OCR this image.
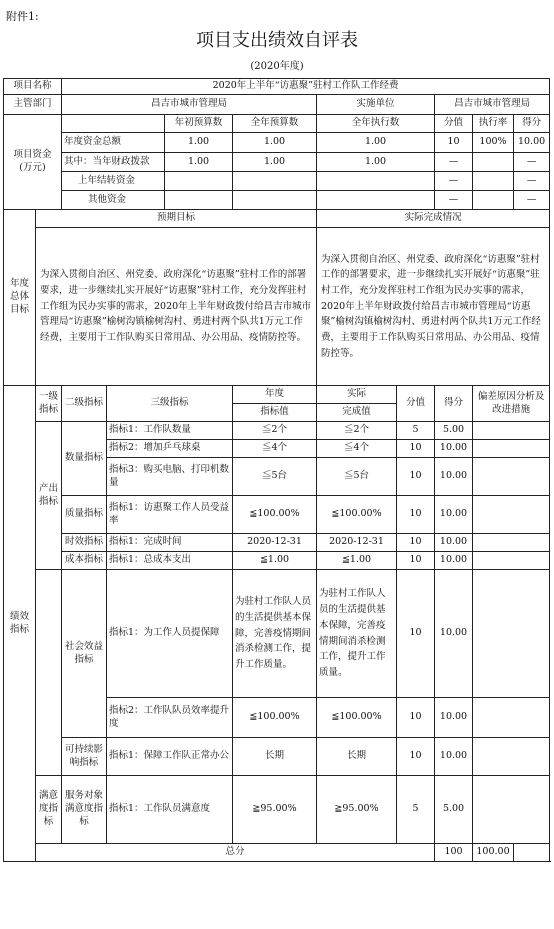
附件1:
项目支出绩效自评表
(2020年度)
项目名称		2020年上半年“访惠聚”驻村工作队工作经费								
主管部门		昌吉市城市管理局				实施单位		昌吉市城市管理局		
项目资金
(万元)				年初预算数	全年预算数	全年执行数		分值	执行率	得分
		年度资金总额		1.00	1.00	1.00		10	100%	10.00
		其中：当年财政拨款		1.00	1.00	1.00		—		—
		上年结转资金						—		—
		其他资金						—		—
年度总体目标	预期目标					实际完成情况				
	为深入贯彻自治区、州党委、政府深化“访惠聚”驻村工作的部署要求，进一步继续扎实开展好“访惠聚”驻村工作，充分发挥驻村工作组为民办实事的需求，2020年上半年财政拨付给昌吉市城市管理局“访惠聚”榆树沟镇榆树沟村、勇进村两个队共1万元工作经费，主要用于工作队购买日常用品、办公用品、疫情防控等。					为深入贯彻自治区、州党委、政府深化“访惠聚”驻村工作的部署要求，进一步继续扎实开展好“访惠聚”驻村工作，充分发挥驻村工作组为民办实事的需求，2020年上半年财政拨付给昌吉市城市管理局“访惠聚”榆树沟镇榆树沟村、勇进村两个队共1万元工作经费，主要用于工作队购买日常用品、办公用品、疫情防控等。				
绩效指标	一级指标	二级指标	三级指标		年度	实际	分值	得分	偏差原因分析及改进措施	
					指标值	完成值				
	产出指标	数量指标	指标1：工作队数量		≦2个	≦2个	5	5.00		
			指标2：增加乒乓球桌		≦4个	≦4个	10	10.00		
			指标3：购买电脑、打印机数量		≦5台	≦5台	10	10.00		
		质量指标	指标1：访惠聚工作人员受益率		≦100.00%	≦100.00%	10	10.00		
		时效指标	指标1：完成时间		2020-12-31	2020-12-31	10	10.00		
		成本指标	指标1：总成本支出		≦1.00	≦1.00	10	10.00		
		社会效益指标	指标1：为工作人员提保障		为驻村工作队人员的生活提供基本保障，完善疫情期间消杀检测工作，提升工作质量。	为驻村工作队人员的生活提供基本保障，完善疫情期间消杀检测工作，提升工作质量。	10	10.00		
			指标2：工作队队员效率提升度		≦100.00%	≦100.00%	10	10.00		
		可持续影响指标	指标1：保障工作队正常办公		长期	长期	10	10.00		
	满意度指标	服务对象满意度指标	指标1：工作队员满意度		≧95.00%	≧95.00%	5	5.00		
	总分							100	100.00	
